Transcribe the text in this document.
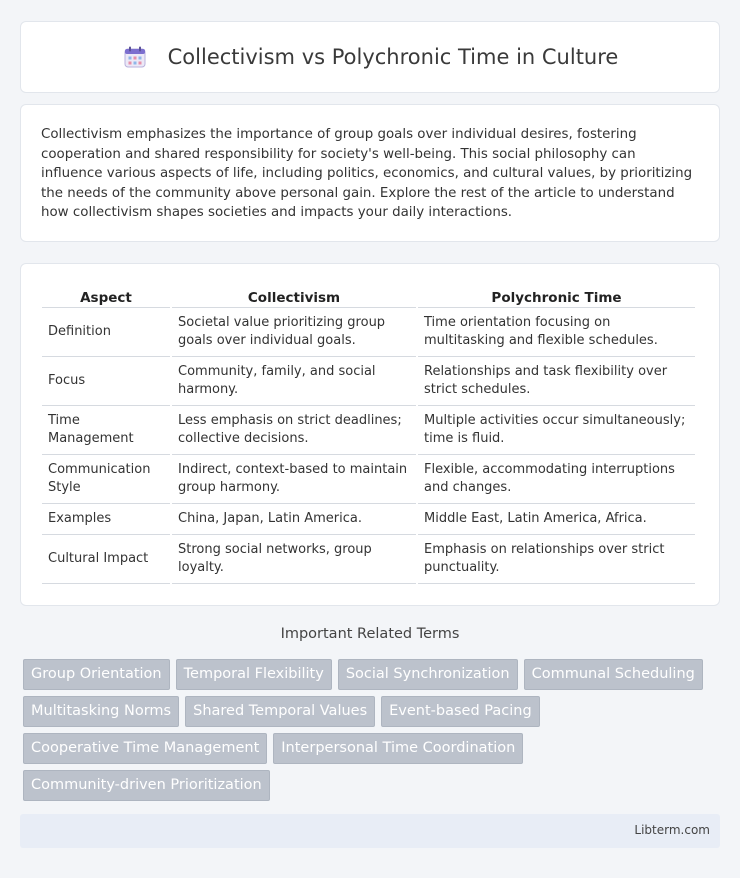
Collectivism vs Polychronic Time in Culture

Collectivism emphasizes the importance of group goals over individual desires, fostering cooperation and shared responsibility for society's well-being. This social philosophy can influence various aspects of life, including politics, economics, and cultural values, by prioritizing the needs of the community above personal gain. Explore the rest of the article to understand how collectivism shapes societies and impacts your daily interactions.

Aspect	Collectivism	Polychronic Time
Definition	Societal value prioritizing group goals over individual goals.	Time orientation focusing on multitasking and flexible schedules.
Focus	Community, family, and social harmony.	Relationships and task flexibility over strict schedules.
Time Management	Less emphasis on strict deadlines; collective decisions.	Multiple activities occur simultaneously; time is fluid.
Communication Style	Indirect, context-based to maintain group harmony.	Flexible, accommodating interruptions and changes.
Examples	China, Japan, Latin America.	Middle East, Latin America, Africa.
Cultural Impact	Strong social networks, group loyalty.	Emphasis on relationships over strict punctuality.
Important Related Terms
Group Orientation	Temporal Flexibility	Social Synchronization	Communal Scheduling
Multitasking Norms	Shared Temporal Values	Event-based Pacing
Cooperative Time Management	Interpersonal Time Coordination
Community-driven Prioritization
Libterm.com
